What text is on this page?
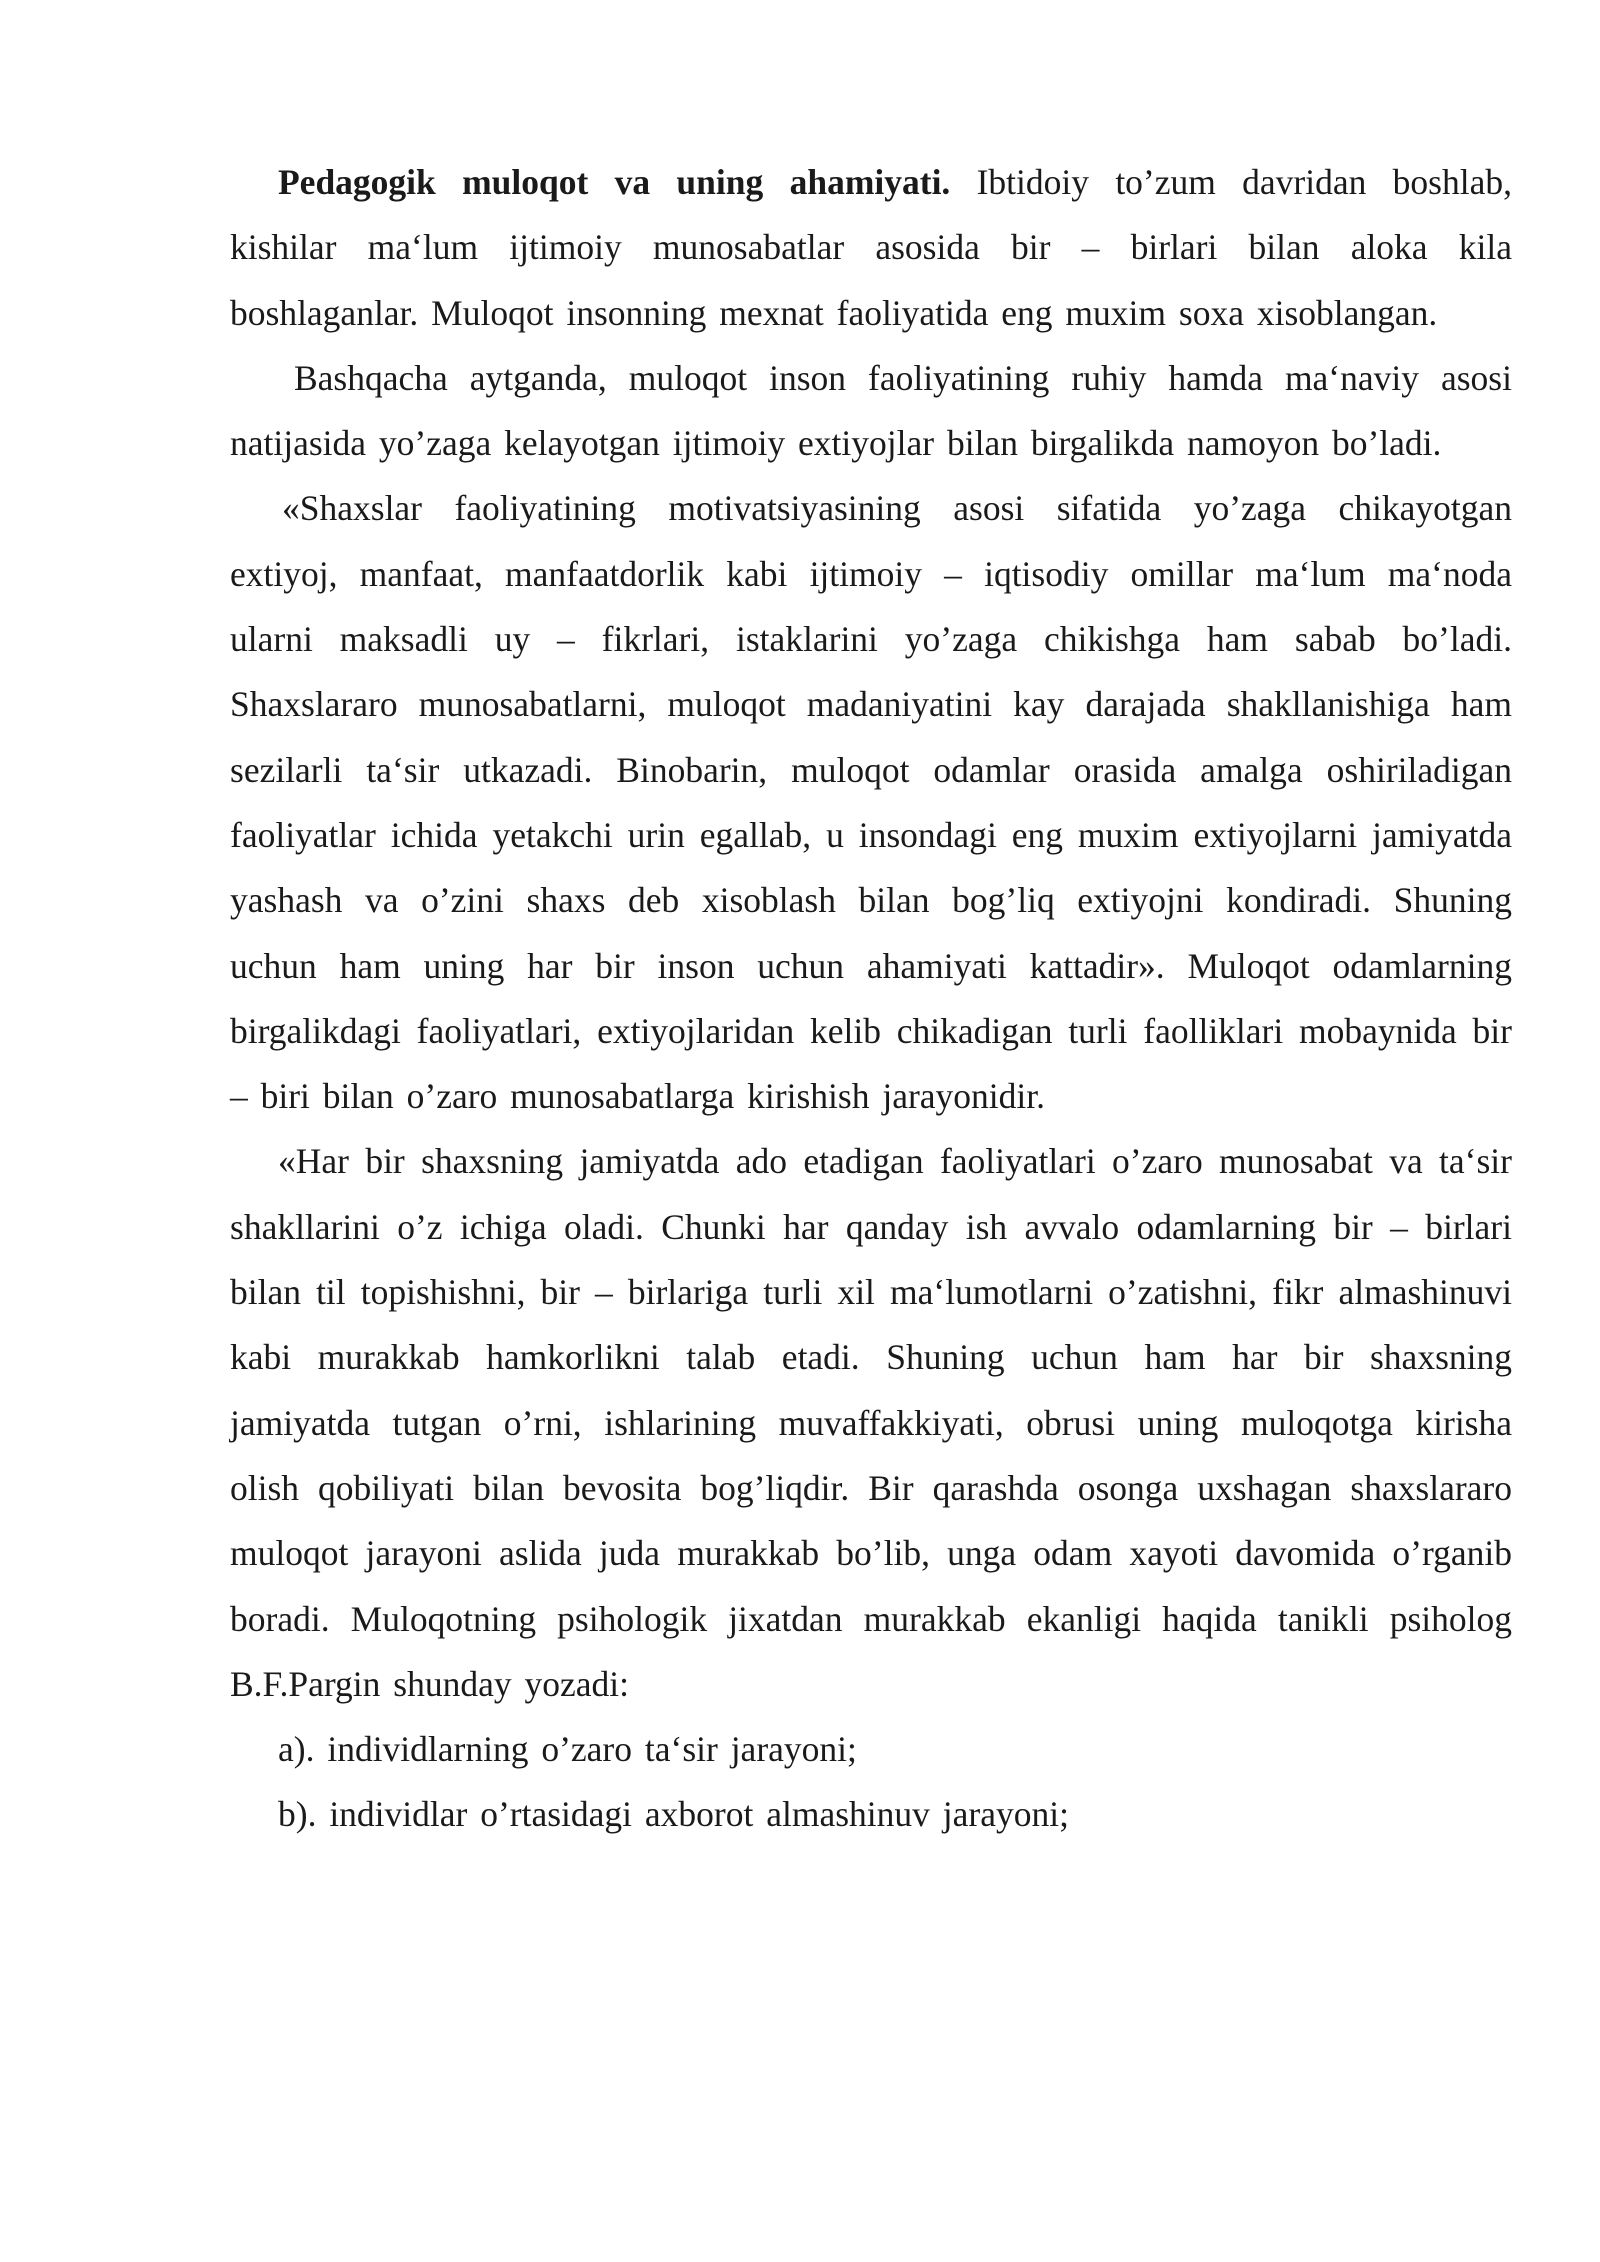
Pedagogik muloqot va uning ahamiyati. Ibtidoiy to’zum davridan boshlab, kishilar ma‘lum ijtimoiy munosabatlar asosida bir – birlari bilan aloka kila boshlaganlar. Muloqot insonning mexnat faoliyatida eng muxim soxa xisoblangan.

Bashqacha aytganda, muloqot inson faoliyatining ruhiy hamda ma‘naviy asosi natijasida yo’zaga kelayotgan ijtimoiy extiyojlar bilan birgalikda namoyon bo’ladi.

«Shaxslar faoliyatining motivatsiyasining asosi sifatida yo’zaga chikayotgan extiyoj, manfaat, manfaatdorlik kabi ijtimoiy – iqtisodiy omillar ma‘lum ma‘noda ularni maksadli uy – fikrlari, istaklarini yo’zaga chikishga ham sabab bo’ladi. Shaxslararo munosabatlarni, muloqot madaniyatini kay darajada shakllanishiga ham sezilarli ta‘sir utkazadi. Binobarin, muloqot odamlar orasida amalga oshiriladigan faoliyatlar ichida yetakchi urin egallab, u insondagi eng muxim extiyojlarni jamiyatda yashash va o’zini shaxs deb xisoblash bilan bog’liq extiyojni kondiradi. Shuning uchun ham uning har bir inson uchun ahamiyati kattadir». Muloqot odamlarning birgalikdagi faoliyatlari, extiyojlaridan kelib chikadigan turli faolliklari mobaynida bir – biri bilan o’zaro munosabatlarga kirishish jarayonidir.

«Har bir shaxsning jamiyatda ado etadigan faoliyatlari o’zaro munosabat va ta‘sir shakllarini o’z ichiga oladi. Chunki har qanday ish avvalo odamlarning bir – birlari bilan til topishishni, bir – birlariga turli xil ma‘lumotlarni o’zatishni, fikr almashinuvi kabi murakkab hamkorlikni talab etadi. Shuning uchun ham har bir shaxsning jamiyatda tutgan o’rni, ishlarining muvaffakkiyati, obrusi uning muloqotga kirisha olish qobiliyati bilan bevosita bog’liqdir. Bir qarashda osonga uxshagan shaxslararo muloqot jarayoni aslida juda murakkab bo’lib, unga odam xayoti davomida o’rganib boradi. Muloqotning psihologik jixatdan murakkab ekanligi haqida tanikli psiholog B.F.Pargin shunday yozadi:

a). individlarning o’zaro ta‘sir jarayoni;

b). individlar o’rtasidagi axborot almashinuv jarayoni;
